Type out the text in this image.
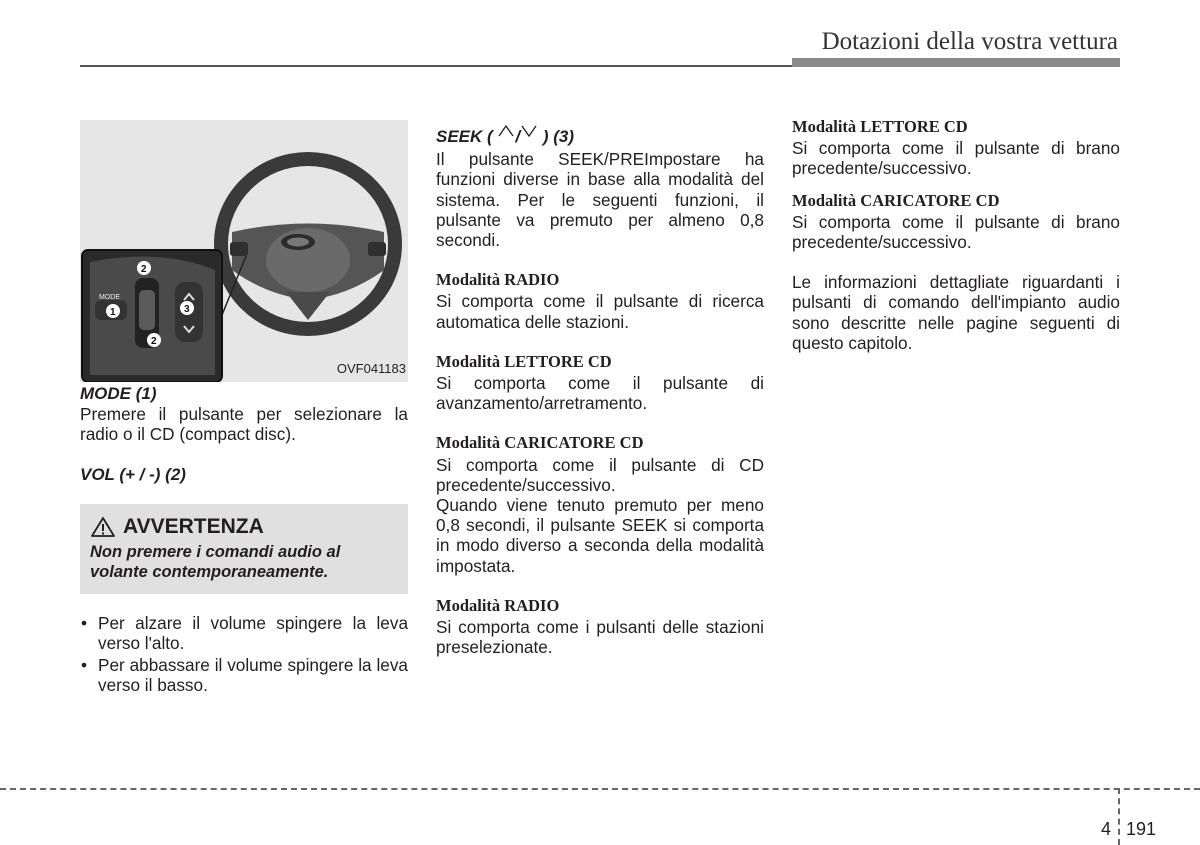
Dotazioni della vostra vettura
MODE
1
2
2
3
OVF041183

MODE (1)

Premere il pulsante per selezionare la radio o il CD (compact disc).

VOL (+ / -) (2)

AVVERTENZA
Non premere i comandi audio al volante contemporaneamente.
• Per alzare il volume spingere la leva verso l'alto.
• Per abbassare il volume spingere la leva verso il basso.

SEEK ( / ) (3)

Il pulsante SEEK/PREImpostare ha funzioni diverse in base alla modalità del sistema. Per le seguenti funzioni, il pulsante va premuto per almeno 0,8 secondi.

Modalità RADIO

Si comporta come il pulsante di ricerca automatica delle stazioni.

Modalità LETTORE CD

Si comporta come il pulsante di avanzamento/arretramento.

Modalità CARICATORE CD

Si comporta come il pulsante di CD precedente/successivo.

Quando viene tenuto premuto per meno 0,8 secondi, il pulsante SEEK si comporta in modo diverso a seconda della modalità impostata.

Modalità RADIO

Si comporta come i pulsanti delle stazioni preselezionate.

Modalità LETTORE CD

Si comporta come il pulsante di brano precedente/successivo.

Modalità CARICATORE CD

Si comporta come il pulsante di brano precedente/successivo.

Le informazioni dettagliate riguardanti i pulsanti di comando dell'impianto audio sono descritte nelle pagine seguenti di questo capitolo.

4 191
